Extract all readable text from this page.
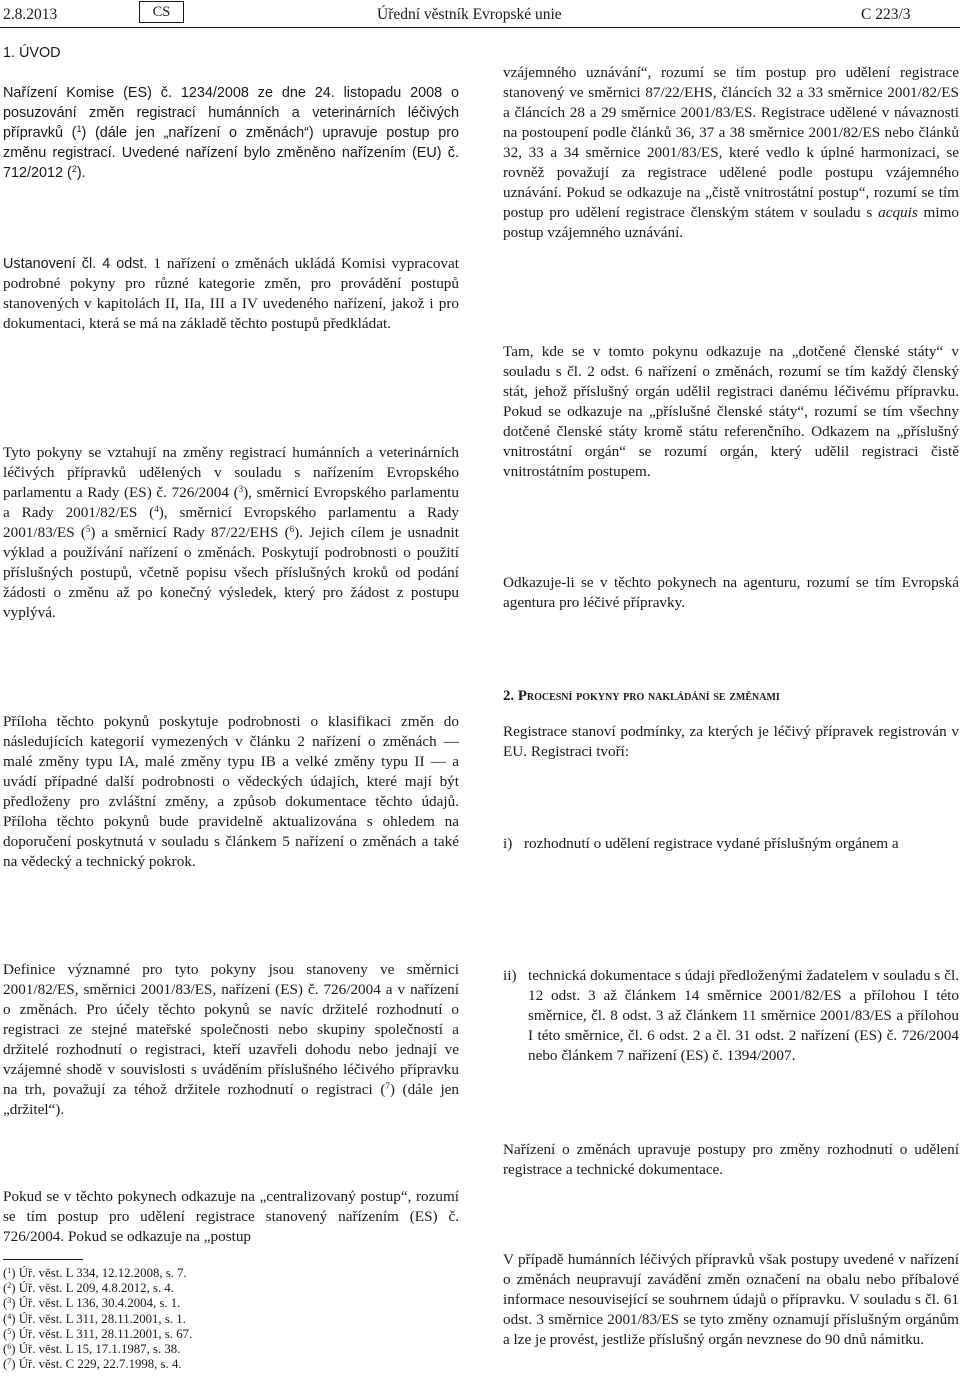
2.8.2013	CS	Úřední věstník Evropské unie	C 223/3
1. ÚVOD

Nařízení Komise (ES) č. 1234/2008 ze dne 24. listopadu 2008 o posuzování změn registrací humánních a veterinárních léčivých přípravků ($^1$) (dále jen „nařízení o změnách“) upravuje postup pro změnu registrací. Uvedené nařízení bylo změněno nařízením (EU) č. 712/2012 ($^2$).

Ustanovení čl. 4 odst. 1 nařízení o změnách ukládá Komisi vypracovat podrobné pokyny pro různé kategorie změn, pro provádění postupů stanovených v kapitolách II, IIa, III a IV uvedeného nařízení, jakož i pro dokumentaci, která se má na základě těchto postupů předkládat.

Tyto pokyny se vztahují na změny registrací humánních a veterinárních léčivých přípravků udělených v souladu s nařízením Evropského parlamentu a Rady (ES) č. 726/2004 ($^3$), směrnicí Evropského parlamentu a Rady 2001/82/ES ($^4$), směrnicí Evropského parlamentu a Rady 2001/83/ES ($^5$) a směrnicí Rady 87/22/EHS ($^6$). Jejich cílem je usnadnit výklad a používání nařízení o změnách. Poskytují podrobnosti o použití příslušných postupů, včetně popisu všech příslušných kroků od podání žádosti o změnu až po konečný výsledek, který pro žádost z postupu vyplývá.

Příloha těchto pokynů poskytuje podrobnosti o klasifikaci změn do následujících kategorií vymezených v článku 2 nařízení o změnách — malé změny typu IA, malé změny typu IB a velké změny typu II — a uvádí případné další podrobnosti o vědeckých údajích, které mají být předloženy pro zvláštní změny, a způsob dokumentace těchto údajů. Příloha těchto pokynů bude pravidelně aktualizována s ohledem na doporučení poskytnutá v souladu s článkem 5 nařízení o změnách a také na vědecký a technický pokrok.

Definice významné pro tyto pokyny jsou stanoveny ve směrnici 2001/82/ES, směrnici 2001/83/ES, nařízení (ES) č. 726/2004 a v nařízení o změnách. Pro účely těchto pokynů se navíc držitelé rozhodnutí o registraci ze stejné mateřské společnosti nebo skupiny společností a držitelé rozhodnutí o registraci, kteří uzavřeli dohodu nebo jednají ve vzájemné shodě v souvislosti s uváděním příslušného léčivého přípravku na trh, považují za téhož držitele rozhodnutí o registraci ($^7$) (dále jen „držitel“).

Pokud se v těchto pokynech odkazuje na „centralizovaný postup“, rozumí se tím postup pro udělení registrace stanovený nařízením (ES) č. 726/2004. Pokud se odkazuje na „postup

($^1$) Úř. věst. L 334, 12.12.2008, s. 7.
($^2$) Úř. věst. L 209, 4.8.2012, s. 4.
($^3$) Úř. věst. L 136, 30.4.2004, s. 1.
($^4$) Úř. věst. L 311, 28.11.2001, s. 1.
($^5$) Úř. věst. L 311, 28.11.2001, s. 67.
($^6$) Úř. věst. L 15, 17.1.1987, s. 38.
($^7$) Úř. věst. C 229, 22.7.1998, s. 4.

vzájemného uznávání“, rozumí se tím postup pro udělení registrace stanovený ve směrnici 87/22/EHS, článcích 32 a 33 směrnice 2001/82/ES a článcích 28 a 29 směrnice 2001/83/ES. Registrace udělené v návaznosti na postoupení podle článků 36, 37 a 38 směrnice 2001/82/ES nebo článků 32, 33 a 34 směrnice 2001/83/ES, které vedlo k úplné harmonizaci, se rovněž považují za registrace udělené podle postupu vzájemného uznávání. Pokud se odkazuje na „čistě vnitrostátní postup“, rozumí se tím postup pro udělení registrace členským státem v souladu s acquis mimo postup vzájemného uznávání.

Tam, kde se v tomto pokynu odkazuje na „dotčené členské státy“ v souladu s čl. 2 odst. 6 nařízení o změnách, rozumí se tím každý členský stát, jehož příslušný orgán udělil registraci danému léčivému přípravku. Pokud se odkazuje na „příslušné členské státy“, rozumí se tím všechny dotčené členské státy kromě státu referenčního. Odkazem na „příslušný vnitrostátní orgán“ se rozumí orgán, který udělil registraci čistě vnitrostátním postupem.

Odkazuje-li se v těchto pokynech na agenturu, rozumí se tím Evropská agentura pro léčivé přípravky.

2. Procesní pokyny pro nakládání se změnami

Registrace stanoví podmínky, za kterých je léčivý přípravek registrován v EU. Registraci tvoří:

i) rozhodnutí o udělení registrace vydané příslušným orgánem a

ii) technická dokumentace s údaji předloženými žadatelem v souladu s čl. 12 odst. 3 až článkem 14 směrnice 2001/82/ES a přílohou I této směrnice, čl. 8 odst. 3 až článkem 11 směrnice 2001/83/ES a přílohou I této směrnice, čl. 6 odst. 2 a čl. 31 odst. 2 nařízení (ES) č. 726/2004 nebo článkem 7 nařízení (ES) č. 1394/2007.

Nařízení o změnách upravuje postupy pro změny rozhodnutí o udělení registrace a technické dokumentace.

V případě humánních léčivých přípravků však postupy uvedené v nařízení o změnách neupravují zavádění změn označení na obalu nebo příbalové informace nesouvisející se souhrnem údajů o přípravku. V souladu s čl. 61 odst. 3 směrnice 2001/83/ES se tyto změny oznamují příslušným orgánům a lze je provést, jestliže příslušný orgán nevznese do 90 dnů námitku.
